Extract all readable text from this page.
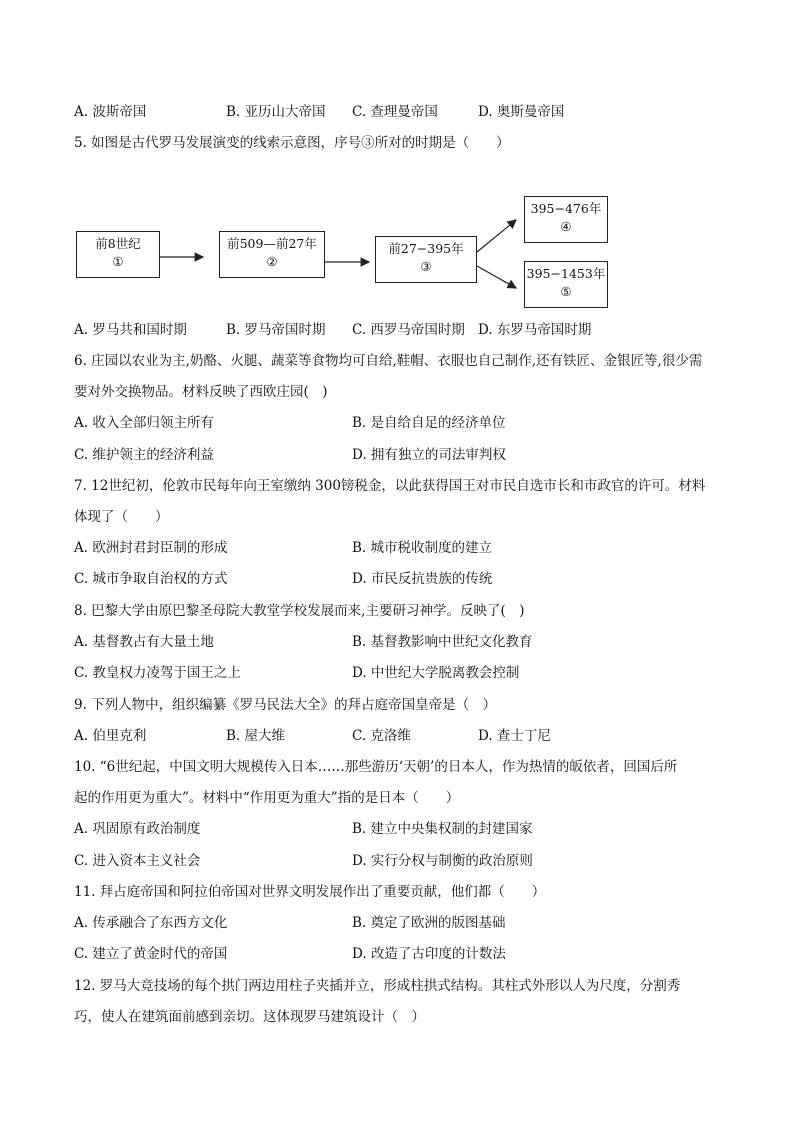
A. 波斯帝国	B. 亚历山大帝国 C. 查理曼帝国	D. 奥斯曼帝国
5. 如图是古代罗马发展演变的线索示意图，序号③所对的时期是（　　）
前8世纪
①
前509—前27年
②
前27−395年
③
395−476年
④
395−1453年
⑤
A. 罗马共和国时期	B. 罗马帝国时期 C. 西罗马帝国时期 D. 东罗马帝国时期
6. 庄园以农业为主,奶酪、火腿、蔬菜等食物均可自给,鞋帽、衣服也自己制作,还有铁匠、金银匠等,很少需
要对外交换物品。材料反映了西欧庄园(　)
A. 收入全部归领主所有	B. 是自给自足的经济单位
C. 维护领主的经济利益	D. 拥有独立的司法审判权
7. 12世纪初，伦敦市民每年向王室缴纳 300镑税金，以此获得国王对市民自选市长和市政官的许可。材料
体现了（　　）
A. 欧洲封君封臣制的形成	B. 城市税收制度的建立
C. 城市争取自治权的方式	D. 市民反抗贵族的传统
8. 巴黎大学由原巴黎圣母院大教堂学校发展而来,主要研习神学。反映了(　)
A. 基督教占有大量土地	B. 基督教影响中世纪文化教育
C. 教皇权力凌驾于国王之上	D. 中世纪大学脱离教会控制
9. 下列人物中，组织编纂《罗马民法大全》的拜占庭帝国皇帝是（　）
A. 伯里克利	B. 屋大维	C. 克洛维	D. 查士丁尼
10. “6世纪起，中国文明大规模传入日本……那些游历‘天朝’的日本人，作为热情的皈依者，回国后所
起的作用更为重大”。材料中“作用更为重大”指的是日本（　　）
A. 巩固原有政治制度	B. 建立中央集权制的封建国家
C. 进入资本主义社会	D. 实行分权与制衡的政治原则
11. 拜占庭帝国和阿拉伯帝国对世界文明发展作出了重要贡献，他们都（　　）
A. 传承融合了东西方文化	B. 奠定了欧洲的版图基础
C. 建立了黄金时代的帝国	D. 改造了古印度的计数法
12. 罗马大竞技场的每个拱门两边用柱子夹插并立，形成柱拱式结构。其柱式外形以人为尺度，分割秀
巧，使人在建筑面前感到亲切。这体现罗马建筑设计（　）
